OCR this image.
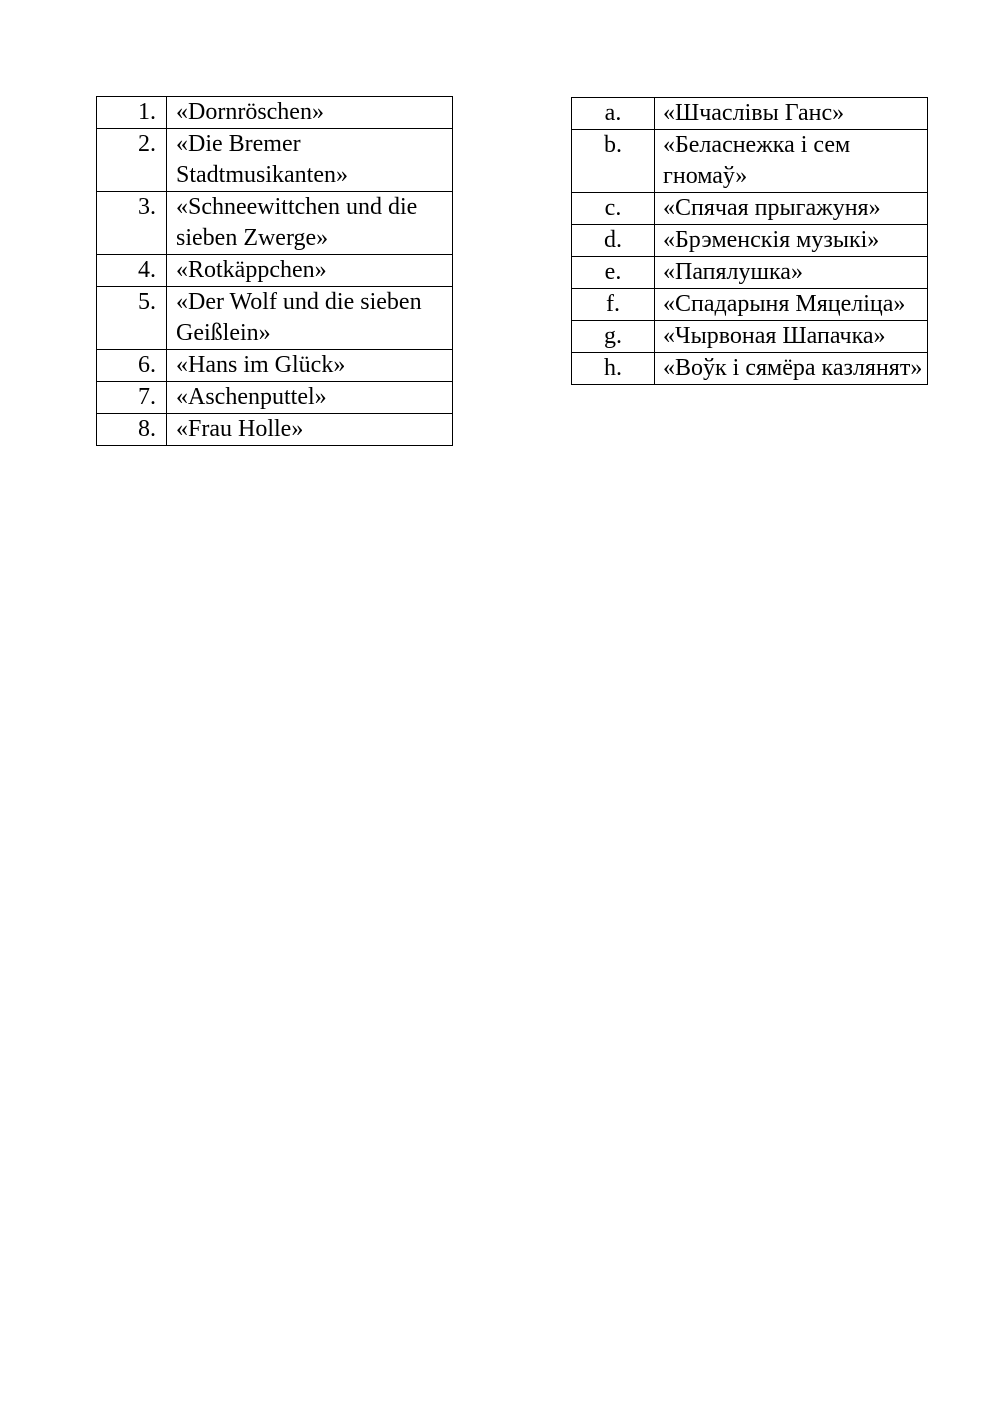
1.	«Dornröschen»
2.	«Die Bremer Stadtmusikanten»
3.	«Schneewittchen und die sieben Zwerge»
4.	«Rotkäppchen»
5.	«Der Wolf und die sieben Geißlein»
6.	«Hans im Glück»
7.	«Aschenputtel»
8.	«Frau Holle»
a.	«Шчаслівы Ганс»
b.	«Беласнежка і сем гномаў»
c.	«Спячая прыгажуня»
d.	«Брэменскія музыкі»
e.	«Папялушка»
f.	«Спадарыня Мяцеліца»
g.	«Чырвоная Шапачка»
h.	«Воўк і сямёра казлянят»
